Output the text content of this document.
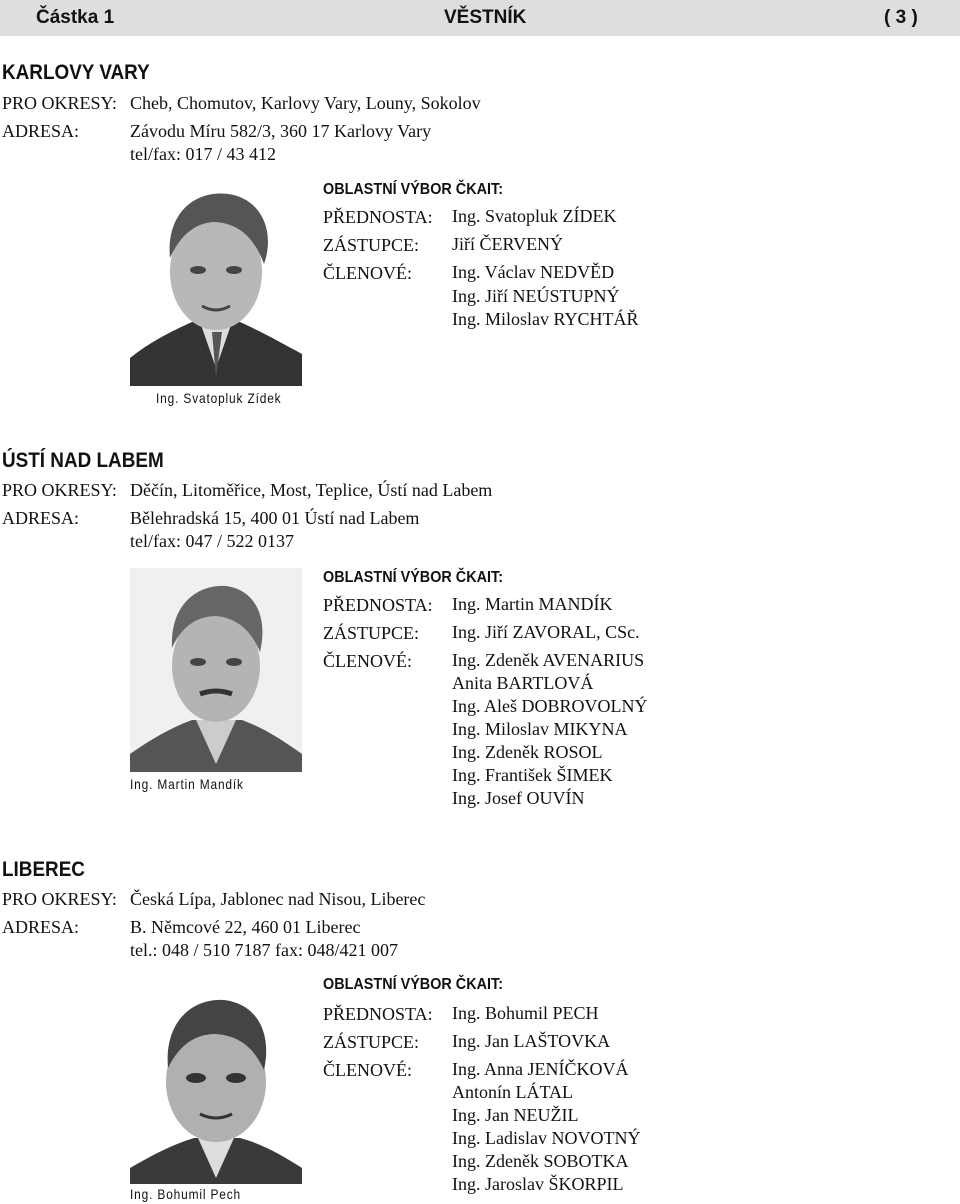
Částka 1	VĚSTNÍK	( 3 )
KARLOVY VARY
PRO OKRESY: Cheb, Chomutov, Karlovy Vary, Louny, Sokolov
ADRESA:	Závodu Míru 582/3, 360 17 Karlovy Vary
tel/fax: 017 / 43 412
Ing. Svatopluk Zídek
OBLASTNÍ VÝBOR ČKAIT:
PŘEDNOSTA: Ing. Svatopluk ZÍDEK
ZÁSTUPCE: Jiří ČERVENÝ
ČLENOVÉ: Ing. Václav NEDVĚD
Ing. Jiří NEÚSTUPNÝ
Ing. Miloslav RYCHTÁŘ
ÚSTÍ NAD LABEM
PRO OKRESY: Děčín, Litoměřice, Most, Teplice, Ústí nad Labem
ADRESA:	Bělehradská 15, 400 01 Ústí nad Labem
tel/fax: 047 / 522 0137
Ing. Martin Mandík
OBLASTNÍ VÝBOR ČKAIT:
PŘEDNOSTA: Ing. Martin MANDÍK
ZÁSTUPCE: Ing. Jiří ZAVORAL, CSc.
ČLENOVÉ: Ing. Zdeněk AVENARIUS
Anita BARTLOVÁ
Ing. Aleš DOBROVOLNÝ
Ing. Miloslav MIKYNA
Ing. Zdeněk ROSOL
Ing. František ŠIMEK
Ing. Josef OUVÍN
LIBEREC
PRO OKRESY: Česká Lípa, Jablonec nad Nisou, Liberec
ADRESA:	B. Němcové 22, 460 01 Liberec
tel.: 048 / 510 7187 fax: 048/421 007
Ing. Bohumil Pech
OBLASTNÍ VÝBOR ČKAIT:
PŘEDNOSTA: Ing. Bohumil PECH
ZÁSTUPCE: Ing. Jan LAŠTOVKA
ČLENOVÉ: Ing. Anna JENÍČKOVÁ
Antonín LÁTAL
Ing. Jan NEUŽIL
Ing. Ladislav NOVOTNÝ
Ing. Zdeněk SOBOTKA
Ing. Jaroslav ŠKORPIL
